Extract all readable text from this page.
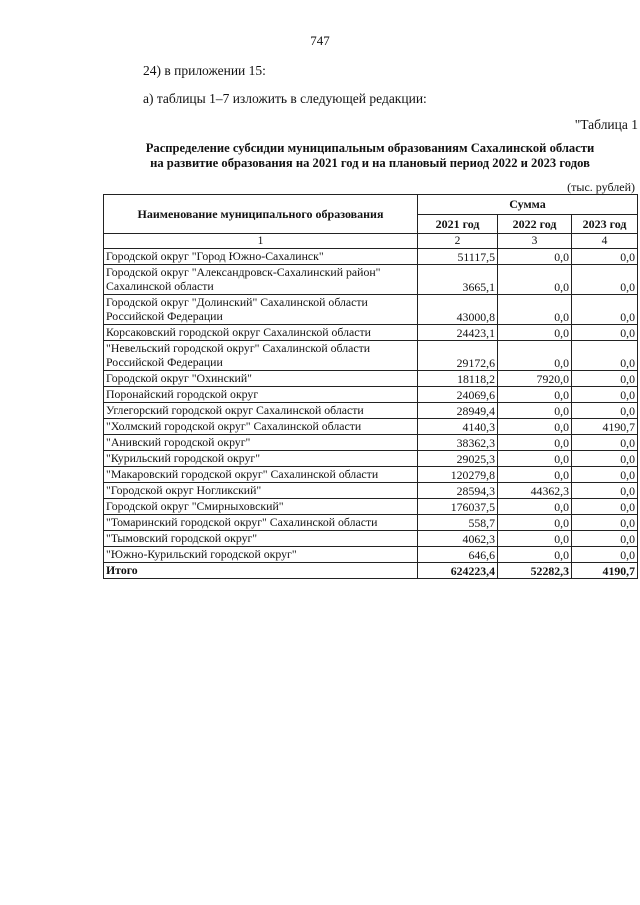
747
24) в приложении 15:
а) таблицы 1–7 изложить в следующей редакции:
"Таблица 1
Распределение субсидии муниципальным образованиям Сахалинской области
на развитие образования на 2021 год и на плановый период 2022 и 2023 годов
(тыс. рублей)
Наименование муниципального образования	Сумма		
	2021 год	2022 год	2023 год
1	2	3	4
Городской округ "Город Южно-Сахалинск"	51117,5	0,0	0,0
Городской округ "Александровск-Сахалинский район" Сахалинской области	3665,1	0,0	0,0
Городской округ "Долинский" Сахалинской области Российской Федерации	43000,8	0,0	0,0
Корсаковский городской округ Сахалинской области	24423,1	0,0	0,0
"Невельский городской округ" Сахалинской области Российской Федерации	29172,6	0,0	0,0
Городской округ "Охинский"	18118,2	7920,0	0,0
Поронайский городской округ	24069,6	0,0	0,0
Углегорский городской округ Сахалинской области	28949,4	0,0	0,0
"Холмский городской округ" Сахалинской области	4140,3	0,0	4190,7
"Анивский городской округ"	38362,3	0,0	0,0
"Курильский городской округ"	29025,3	0,0	0,0
"Макаровский городской округ" Сахалинской области	120279,8	0,0	0,0
"Городской округ Ногликский"	28594,3	44362,3	0,0
Городской округ "Смирныховский"	176037,5	0,0	0,0
"Томаринский городской округ" Сахалинской области	558,7	0,0	0,0
"Тымовский городской округ"	4062,3	0,0	0,0
"Южно-Курильский городской округ"	646,6	0,0	0,0
Итого	624223,4	52282,3	4190,7
